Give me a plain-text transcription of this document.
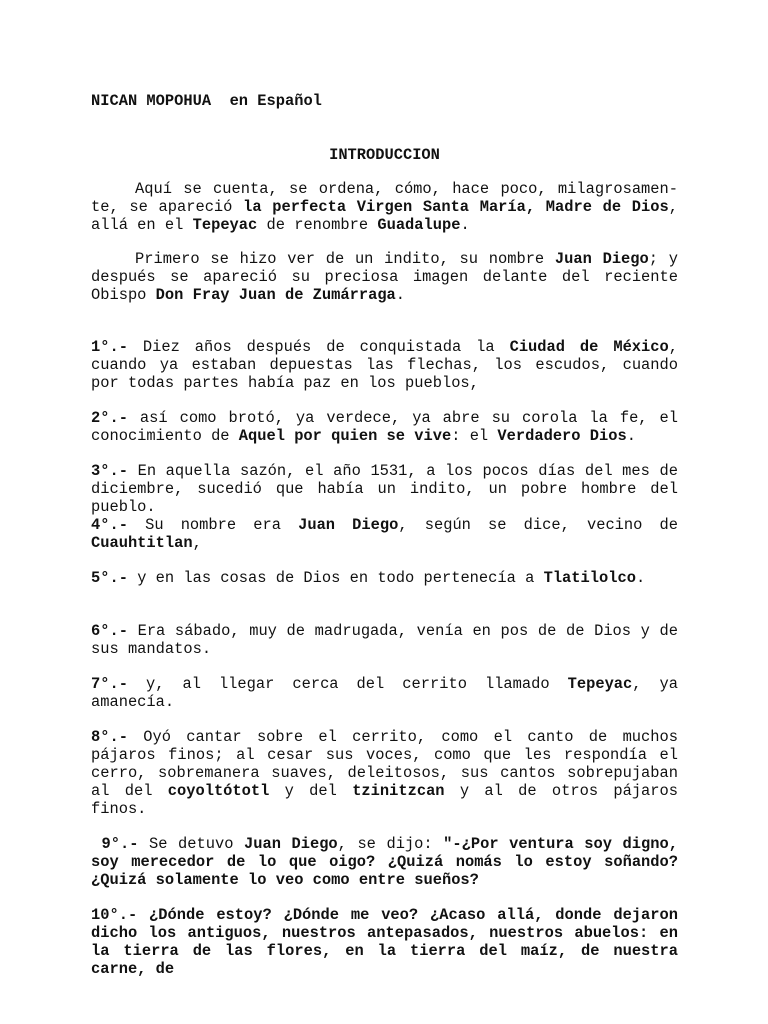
NICAN MOPOHUA en Español

INTRODUCCION

Aquí se cuenta, se ordena, cómo, hace poco, milagrosamen-te, se apareció la perfecta Virgen Santa María, Madre de Dios, allá en el Tepeyac de renombre Guadalupe.

Primero se hizo ver de un indito, su nombre Juan Diego; y después se apareció su preciosa imagen delante del reciente Obispo Don Fray Juan de Zumárraga.

1°.- Diez años después de conquistada la Ciudad de México, cuando ya estaban depuestas las flechas, los escudos, cuando por todas partes había paz en los pueblos,

2°.- así como brotó, ya verdece, ya abre su corola la fe, el conocimiento de Aquel por quien se vive: el Verdadero Dios.

3°.- En aquella sazón, el año 1531, a los pocos días del mes de diciembre, sucedió que había un indito, un pobre hombre del pueblo.

4°.- Su nombre era Juan Diego, según se dice, vecino de Cuauhtitlan,

5°.- y en las cosas de Dios en todo pertenecía a Tlatilolco.

6°.- Era sábado, muy de madrugada, venía en pos de de Dios y de sus mandatos.

7°.- y, al llegar cerca del cerrito llamado Tepeyac, ya amanecía.

8°.- Oyó cantar sobre el cerrito, como el canto de muchos pájaros finos; al cesar sus voces, como que les respondía el cerro, sobremanera suaves, deleitosos, sus cantos sobrepujaban al del coyoltótotl y del tzinitzcan y al de otros pájaros finos.

9°.- Se detuvo Juan Diego, se dijo: "-¿Por ventura soy digno, soy merecedor de lo que oigo? ¿Quizá nomás lo estoy soñando? ¿Quizá solamente lo veo como entre sueños?

10°.- ¿Dónde estoy? ¿Dónde me veo? ¿Acaso allá, donde dejaron dicho los antiguos, nuestros antepasados, nuestros abuelos: en la tierra de las flores, en la tierra del maíz, de nuestra carne, de
